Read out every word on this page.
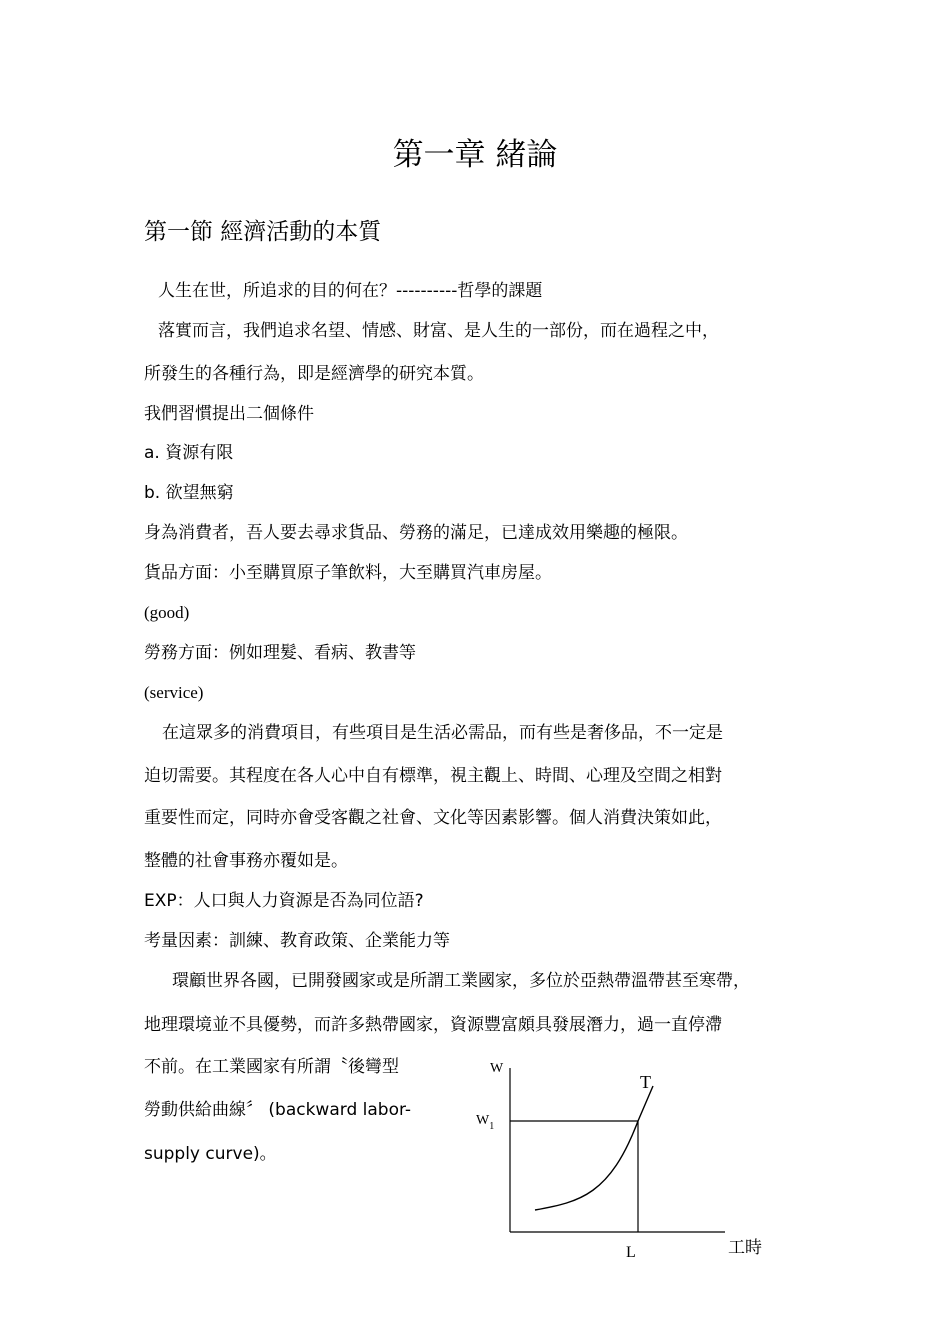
第一章 緒論
第一節 經濟活動的本質
人生在世，所追求的目的何在？----------哲學的課題
落實而言，我們追求名望、情感、財富、是人生的一部份，而在過程之中，
所發生的各種行為，即是經濟學的研究本質。
我們習慣提出二個條件
a. 資源有限
b. 欲望無窮
身為消費者，吾人要去尋求貨品、勞務的滿足，已達成效用樂趣的極限。
貨品方面：小至購買原子筆飲料，大至購買汽車房屋。
(good)
勞務方面：例如理髮、看病、教書等
(service)
在這眾多的消費項目，有些項目是生活必需品，而有些是奢侈品，不一定是
迫切需要。其程度在各人心中自有標準，視主觀上、時間、心理及空間之相對
重要性而定，同時亦會受客觀之社會、文化等因素影響。個人消費決策如此，
整體的社會事務亦覆如是。
EXP：人口與人力資源是否為同位語?
考量因素：訓練、教育政策、企業能力等
環顧世界各國，已開發國家或是所謂工業國家，多位於亞熱帶溫帶甚至寒帶，
地理環境並不具優勢，而許多熱帶國家，資源豐富頗具發展潛力，過一直停滯
不前。在工業國家有所謂〝後彎型
勞動供給曲線〞 (backward labor-
supply curve)。
W
$W_1$
T
L	工時
